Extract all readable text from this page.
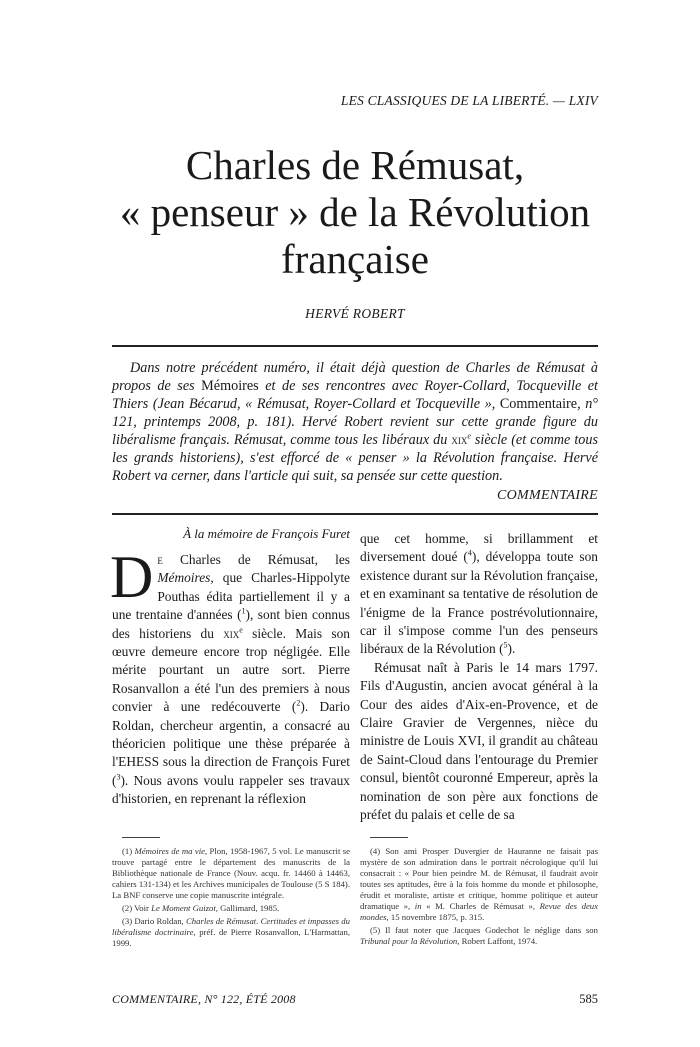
LES CLASSIQUES DE LA LIBERTÉ. — LXIV
Charles de Rémusat,
« penseur » de la Révolution
française
HERVÉ ROBERT

Dans notre précédent numéro, il était déjà question de Charles de Rémusat à propos de ses Mémoires et de ses rencontres avec Royer-Collard, Tocqueville et Thiers (Jean Bécarud, « Rémusat, Royer-Collard et Tocqueville », Commentaire, n° 121, printemps 2008, p. 181). Hervé Robert revient sur cette grande figure du libéralisme français. Rémusat, comme tous les libéraux du xix$^e$ siècle (et comme tous les grands historiens), s'est efforcé de « penser » la Révolution française. Hervé Robert va cerner, dans l'article qui suit, sa pensée sur cette question.

COMMENTAIRE
À la mémoire de François Furet

De Charles de Rémusat, les Mémoires, que Charles-Hippolyte Pouthas édita partiellement il y a une trentaine d'années ($^1$), sont bien connus des historiens du xix$^e$ siècle. Mais son œuvre demeure encore trop négligée. Elle mérite pourtant un autre sort. Pierre Rosanvallon a été l'un des premiers à nous convier à une redécouverte ($^2$). Dario Roldan, chercheur argentin, a consacré au théoricien politique une thèse préparée à l'EHESS sous la direction de François Furet ($^3$). Nous avons voulu rappeler ses travaux d'historien, en reprenant la réflexion

que cet homme, si brillamment et diversement doué ($^4$), développa toute son existence durant sur la Révolution française, et en examinant sa tentative de résolution de l'énigme de la France postrévolutionnaire, car il s'impose comme l'un des penseurs libéraux de la Révolution ($^5$).

Rémusat naît à Paris le 14 mars 1797. Fils d'Augustin, ancien avocat général à la Cour des aides d'Aix-en-Provence, et de Claire Gravier de Vergennes, nièce du ministre de Louis XVI, il grandit au château de Saint-Cloud dans l'entourage du Premier consul, bientôt couronné Empereur, après la nomination de son père aux fonctions de préfet du palais et celle de sa

(1) Mémoires de ma vie, Plon, 1958-1967, 5 vol. Le manuscrit se trouve partagé entre le département des manuscrits de la Bibliothèque nationale de France (Nouv. acqu. fr. 14460 à 14463, cahiers 131-134) et les Archives municipales de Toulouse (5 S 184). La BNF conserve une copie manuscrite intégrale.

(2) Voir Le Moment Guizot, Gallimard, 1985.

(3) Dario Roldan, Charles de Rémusat. Certitudes et impasses du libéralisme doctrinaire, préf. de Pierre Rosanvallon, L'Harmattan, 1999.

(4) Son ami Prosper Duvergier de Hauranne ne faisait pas mystère de son admiration dans le portrait nécrologique qu'il lui consacrait : « Pour bien peindre M. de Rémusat, il faudrait avoir toutes ses aptitudes, être à la fois homme du monde et philosophe, érudit et moraliste, artiste et critique, homme politique et auteur dramatique », in « M. Charles de Rémusat », Revue des deux mondes, 15 novembre 1875, p. 315.

(5) Il faut noter que Jacques Godechot le néglige dans son Tribunal pour la Révolution, Robert Laffont, 1974.

COMMENTAIRE, N° 122, ÉTÉ 2008	585
